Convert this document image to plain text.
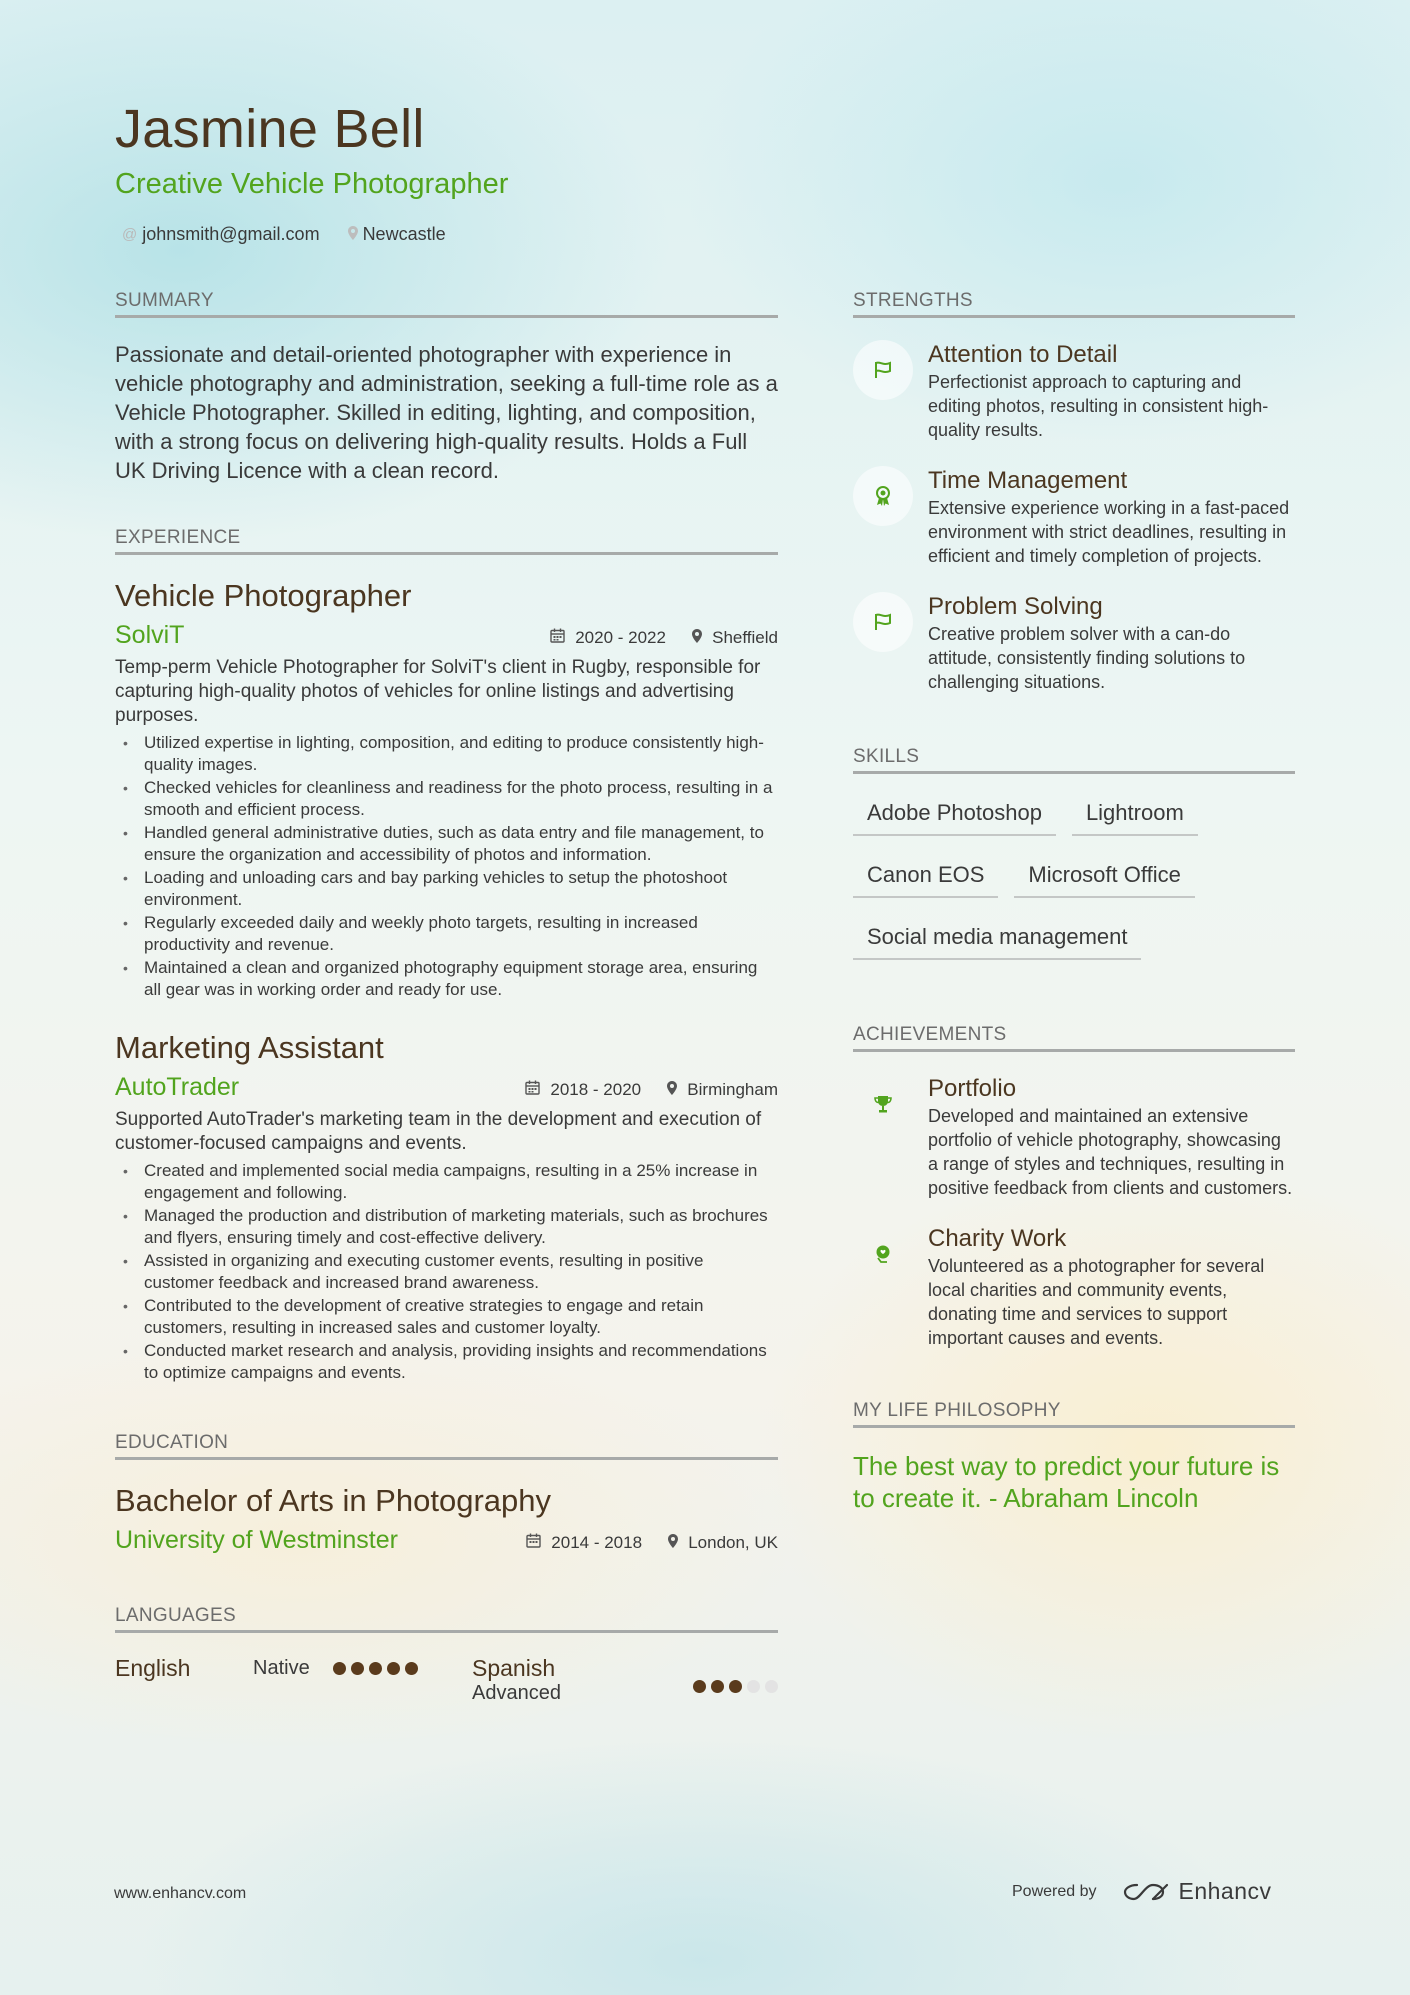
Jasmine Bell
Creative Vehicle Photographer
@ johnsmith@gmail.com Newcastle
SUMMARY

Passionate and detail-oriented photographer with experience in vehicle photography and administration, seeking a full-time role as a Vehicle Photographer. Skilled in editing, lighting, and composition, with a strong focus on delivering high-quality results. Holds a Full UK Driving Licence with a clean record.

EXPERIENCE
Vehicle Photographer
SolviT	2020 - 2022	Sheffield
Temp-perm Vehicle Photographer for SolviT's client in Rugby, responsible for capturing high-quality photos of vehicles for online listings and advertising purposes.
• Utilized expertise in lighting, composition, and editing to produce consistently high-quality images.
• Checked vehicles for cleanliness and readiness for the photo process, resulting in a smooth and efficient process.
• Handled general administrative duties, such as data entry and file management, to ensure the organization and accessibility of photos and information.
• Loading and unloading cars and bay parking vehicles to setup the photoshoot environment.
• Regularly exceeded daily and weekly photo targets, resulting in increased productivity and revenue.
• Maintained a clean and organized photography equipment storage area, ensuring all gear was in working order and ready for use.
Marketing Assistant
AutoTrader	2018 - 2020	Birmingham
Supported AutoTrader's marketing team in the development and execution of customer-focused campaigns and events.
• Created and implemented social media campaigns, resulting in a 25% increase in engagement and following.
• Managed the production and distribution of marketing materials, such as brochures and flyers, ensuring timely and cost-effective delivery.
• Assisted in organizing and executing customer events, resulting in positive customer feedback and increased brand awareness.
• Contributed to the development of creative strategies to engage and retain customers, resulting in increased sales and customer loyalty.
• Conducted market research and analysis, providing insights and recommendations to optimize campaigns and events.
EDUCATION
Bachelor of Arts in Photography
University of Westminster	2014 - 2018	London, UK
LANGUAGES
English	Native	Spanish
Advanced
STRENGTHS
Attention to Detail
Perfectionist approach to capturing and editing photos, resulting in consistent high-quality results.
Time Management
Extensive experience working in a fast-paced environment with strict deadlines, resulting in efficient and timely completion of projects.
Problem Solving
Creative problem solver with a can-do attitude, consistently finding solutions to challenging situations.
SKILLS
Adobe Photoshop	Lightroom
Canon EOS	Microsoft Office
Social media management
ACHIEVEMENTS
Portfolio
Developed and maintained an extensive portfolio of vehicle photography, showcasing a range of styles and techniques, resulting in positive feedback from clients and customers.
Charity Work
Volunteered as a photographer for several local charities and community events, donating time and services to support important causes and events.
MY LIFE PHILOSOPHY
The best way to predict your future is to create it. - Abraham Lincoln
www.enhancv.com	Powered by	Enhancv
